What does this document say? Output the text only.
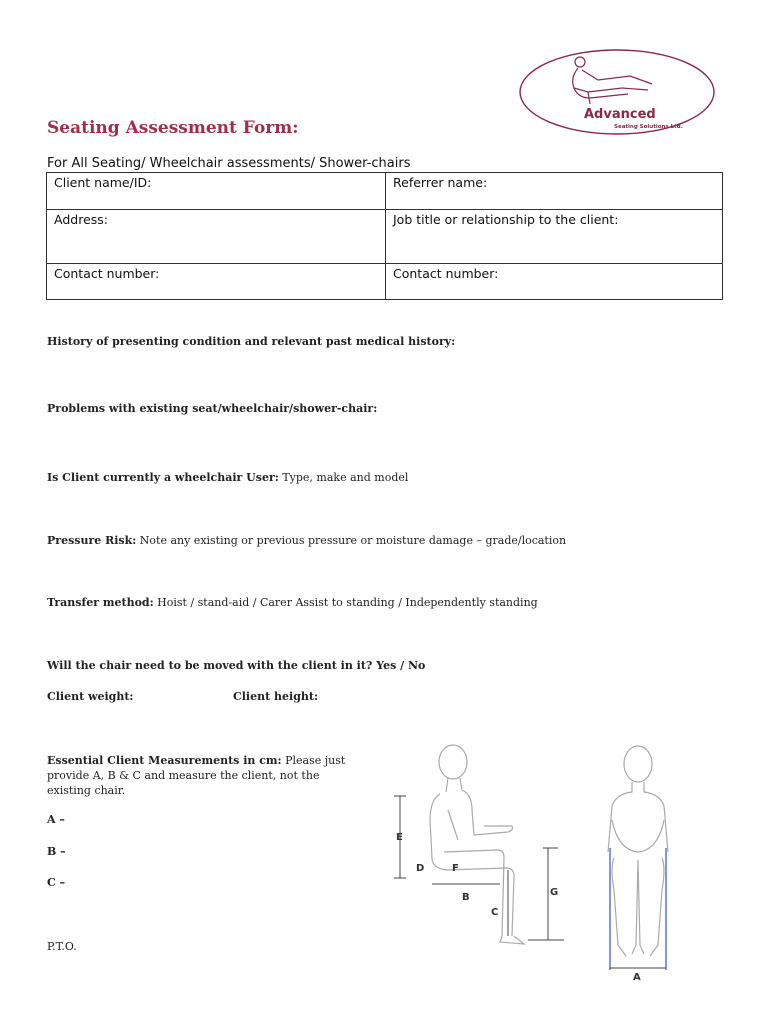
Advanced
Seating Solutions Ltd.
Seating Assessment Form:
For All Seating/ Wheelchair assessments/ Shower-chairs
Client name/ID:	Referrer name:
Address:	Job title or relationship to the client:
Contact number:	Contact number:
History of presenting condition and relevant past medical history:
Problems with existing seat/wheelchair/shower-chair:
Is Client currently a wheelchair User: Type, make and model
Pressure Risk: Note any existing or previous pressure or moisture damage – grade/location
Transfer method: Hoist / stand-aid / Carer Assist to standing / Independently standing
Will the chair need to be moved with the client in it? Yes / No
Client weight:	Client height:
Essential Client Measurements in cm: Please just provide A, B & C and measure the client, not the existing chair.
A –
B –
C –
P.T.O.
E
D	F
B
C
G
A
